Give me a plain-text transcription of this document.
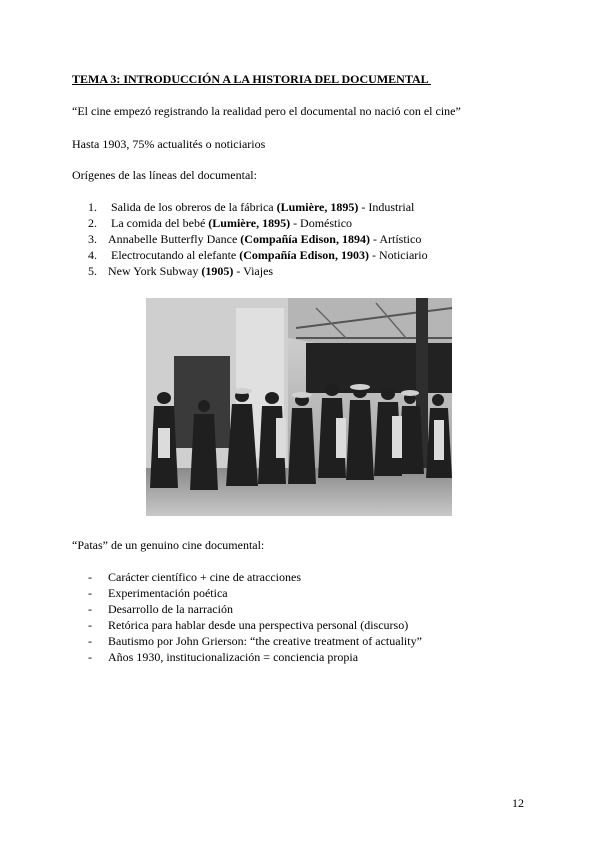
TEMA 3: INTRODUCCIÓN A LA HISTORIA DEL DOCUMENTAL
“El cine empezó registrando la realidad pero el documental no nació con el cine”
Hasta 1903, 75% actualités o noticiarios
Orígenes de las líneas del documental:
1. Salida de los obreros de la fábrica (Lumière, 1895) - Industrial
2. La comida del bebé (Lumière, 1895) - Doméstico
3. Annabelle Butterfly Dance (Compañía Edison, 1894) - Artístico
4. Electrocutando al elefante (Compañía Edison, 1903) - Noticiario
5. New York Subway (1905) - Viajes
“Patas” de un genuino cine documental:
- Carácter científico + cine de atracciones
- Experimentación poética
- Desarrollo de la narración
- Retórica para hablar desde una perspectiva personal (discurso)
- Bautismo por John Grierson: “the creative treatment of actuality”
- Años 1930, institucionalización = conciencia propia
12
